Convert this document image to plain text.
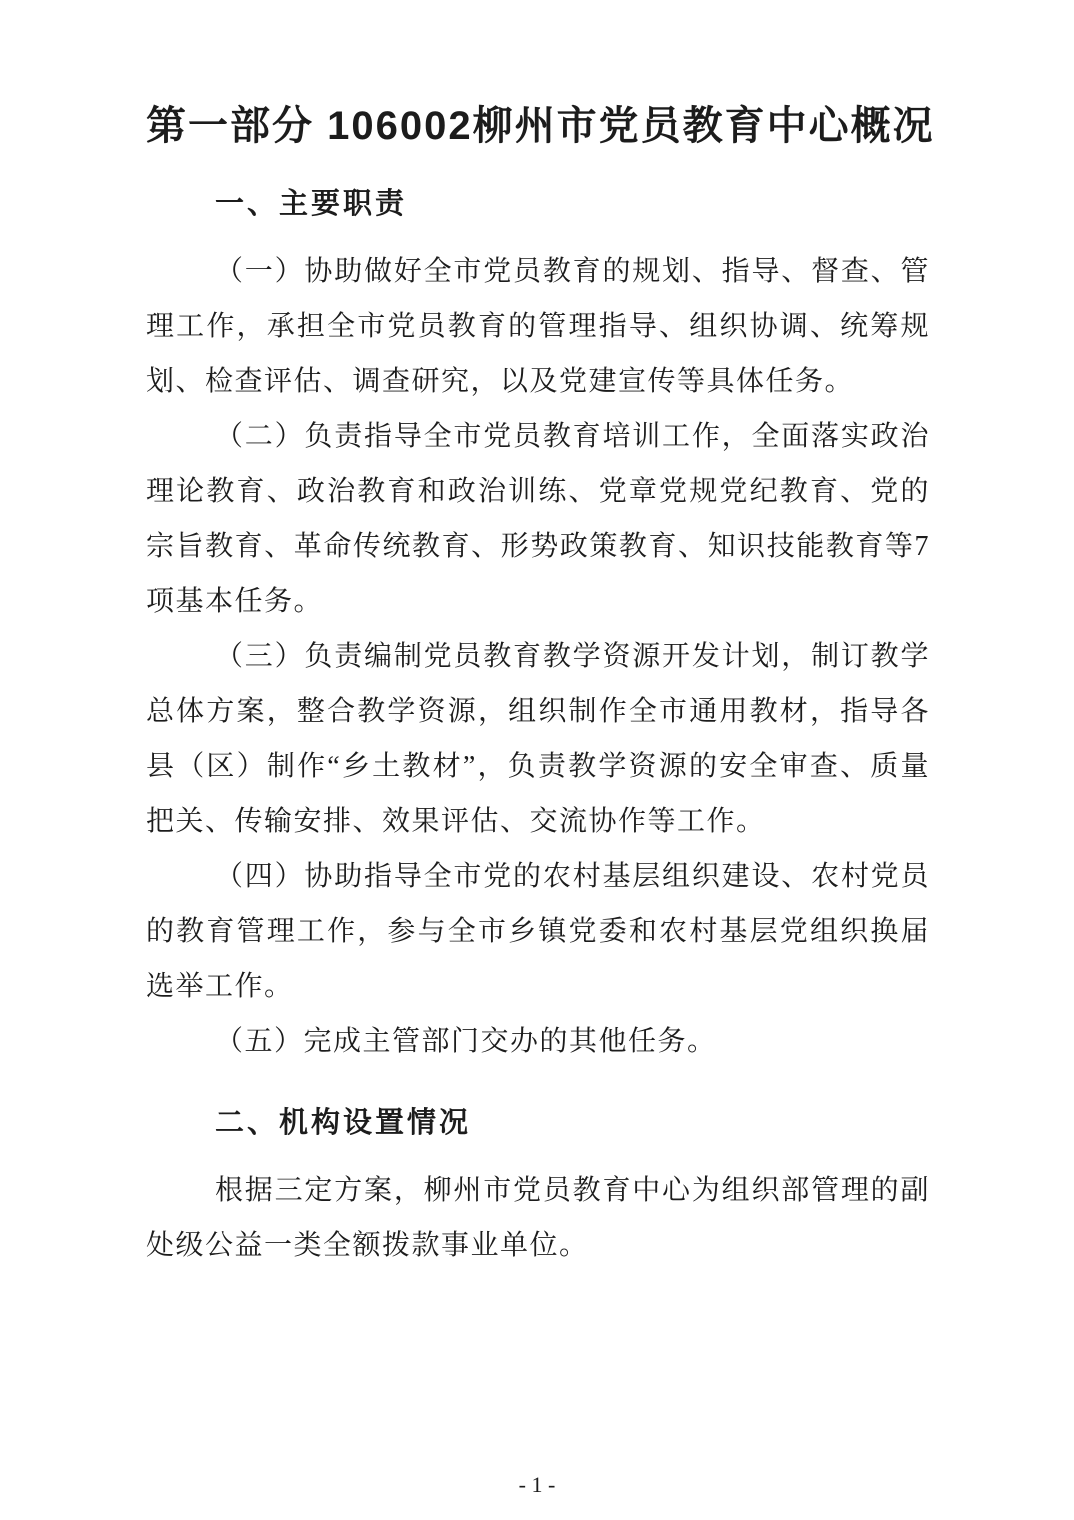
第一部分 106002柳州市党员教育中心概况
一、主要职责

（一）协助做好全市党员教育的规划、指导、督查、管理工作，承担全市党员教育的管理指导、组织协调、统筹规划、检查评估、调查研究，以及党建宣传等具体任务。

（二）负责指导全市党员教育培训工作，全面落实政治理论教育、政治教育和政治训练、党章党规党纪教育、党的宗旨教育、革命传统教育、形势政策教育、知识技能教育等7项基本任务。

（三）负责编制党员教育教学资源开发计划，制订教学总体方案，整合教学资源，组织制作全市通用教材，指导各县（区）制作“乡土教材”，负责教学资源的安全审查、质量把关、传输安排、效果评估、交流协作等工作。

（四）协助指导全市党的农村基层组织建设、农村党员的教育管理工作，参与全市乡镇党委和农村基层党组织换届选举工作。

（五）完成主管部门交办的其他任务。

二、机构设置情况

根据三定方案，柳州市党员教育中心为组织部管理的副处级公益一类全额拨款事业单位。

- 1 -
